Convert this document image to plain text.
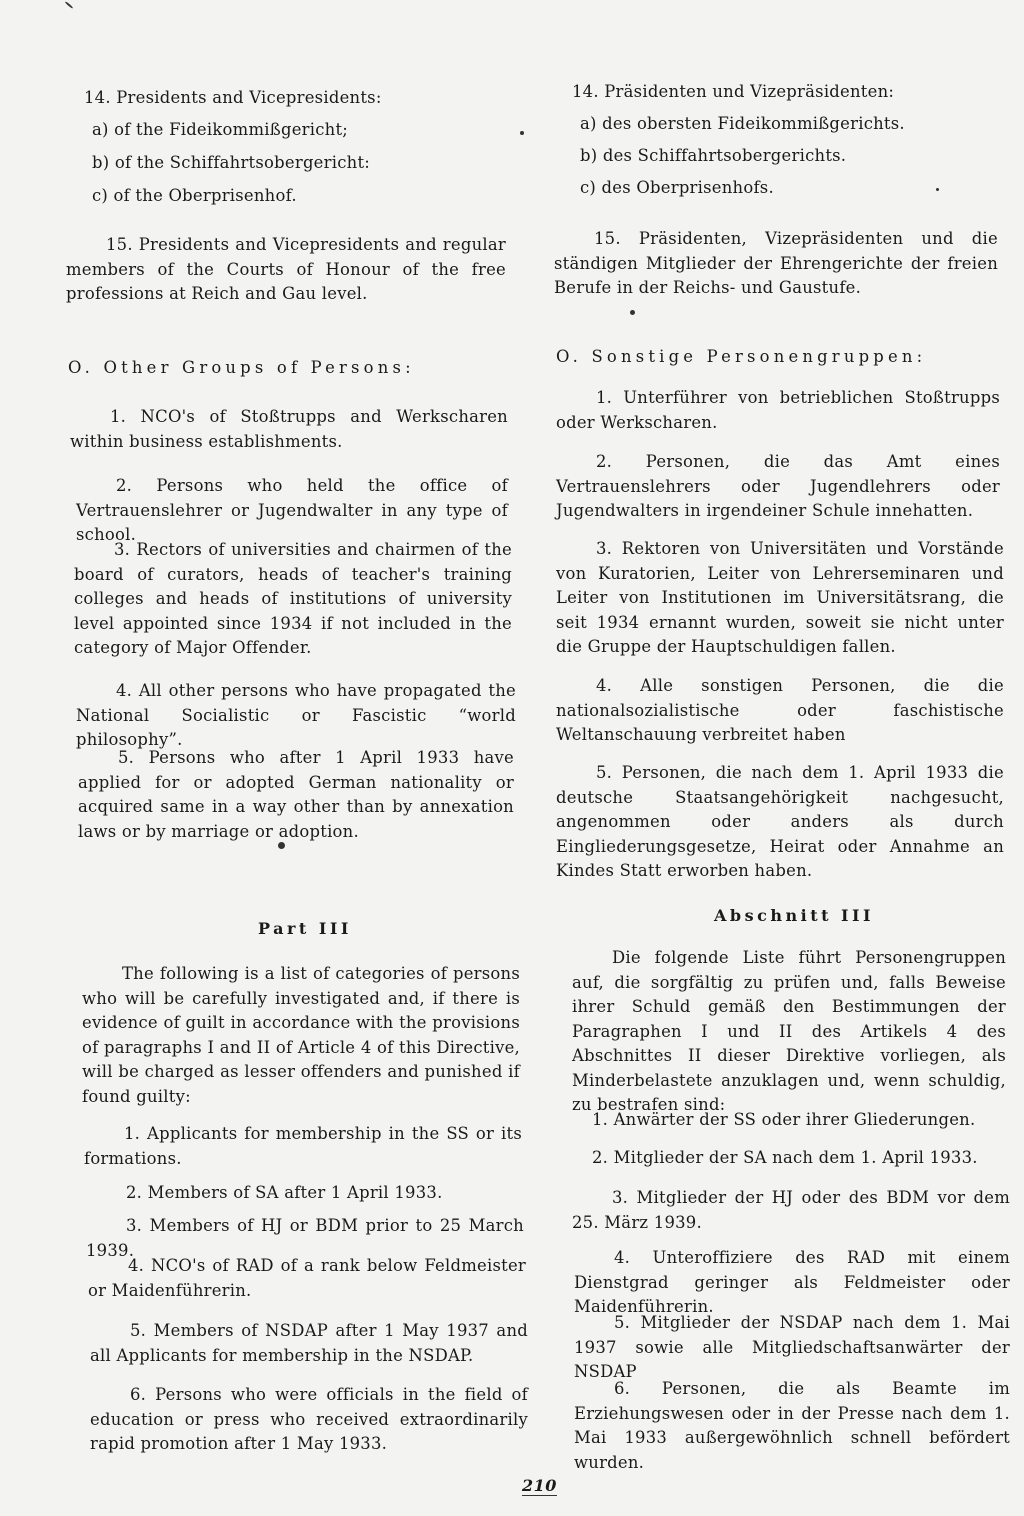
14. Presidents and Vicepresidents:

a) of the Fideikommißgericht;

b) of the Schiffahrtsobergericht:

c) of the Oberprisenhof.

15. Presidents and Vicepresidents and regular members of the Courts of Honour of the free professions at Reich and Gau level.

O. Other Groups of Persons:

1. NCO's of Stoßtrupps and Werkscharen within business establishments.

2. Persons who held the office of Vertrauenslehrer or Jugendwalter in any type of school.

3. Rectors of universities and chairmen of the board of curators, heads of teacher's training colleges and heads of institutions of university level appointed since 1934 if not included in the category of Major Offender.

4. All other persons who have propagated the National Socialistic or Fascistic “world philosophy”.

5. Persons who after 1 April 1933 have applied for or adopted German nationality or acquired same in a way other than by annexation laws or by marriage or adoption.

Part III

The following is a list of categories of persons who will be carefully investigated and, if there is evidence of guilt in accordance with the provisions of paragraphs I and II of Article 4 of this Directive, will be charged as lesser offenders and punished if found guilty:

1. Applicants for membership in the SS or its formations.

2. Members of SA after 1 April 1933.

3. Members of HJ or BDM prior to 25 March 1939.

4. NCO's of RAD of a rank below Feldmeister or Maidenführerin.

5. Members of NSDAP after 1 May 1937 and all Applicants for membership in the NSDAP.

6. Persons who were officials in the field of education or press who received extraordinarily rapid promotion after 1 May 1933.

14. Präsidenten und Vizepräsidenten:

a) des obersten Fideikommißgerichts.

b) des Schiffahrtsobergerichts.

c) des Oberprisenhofs.

15. Präsidenten, Vizepräsidenten und die ständigen Mitglieder der Ehrengerichte der freien Berufe in der Reichs- und Gaustufe.

O. Sonstige Personengruppen:

1. Unterführer von betrieblichen Stoßtrupps oder Werkscharen.

2. Personen, die das Amt eines Vertrauenslehrers oder Jugendlehrers oder Jugendwalters in irgendeiner Schule innehatten.

3. Rektoren von Universitäten und Vorstände von Kuratorien, Leiter von Lehrerseminaren und Leiter von Institutionen im Universitätsrang, die seit 1934 ernannt wurden, soweit sie nicht unter die Gruppe der Hauptschuldigen fallen.

4. Alle sonstigen Personen, die die nationalsozialistische oder faschistische Weltanschauung verbreitet haben

5. Personen, die nach dem 1. April 1933 die deutsche Staatsangehörigkeit nachgesucht, angenommen oder anders als durch Eingliederungsgesetze, Heirat oder Annahme an Kindes Statt erworben haben.

Abschnitt III

Die folgende Liste führt Personengruppen auf, die sorgfältig zu prüfen und, falls Beweise ihrer Schuld gemäß den Bestimmungen der Paragraphen I und II des Artikels 4 des Abschnittes II dieser Direktive vorliegen, als Minderbelastete anzuklagen und, wenn schuldig, zu bestrafen sind:

1. Anwärter der SS oder ihrer Gliederungen.

2. Mitglieder der SA nach dem 1. April 1933.

3. Mitglieder der HJ oder des BDM vor dem 25. März 1939.

4. Unteroffiziere des RAD mit einem Dienstgrad geringer als Feldmeister oder Maidenführerin.

5. Mitglieder der NSDAP nach dem 1. Mai 1937 sowie alle Mitgliedschaftsanwärter der NSDAP

6. Personen, die als Beamte im Erziehungswesen oder in der Presse nach dem 1. Mai 1933 außergewöhnlich schnell befördert wurden.

210
